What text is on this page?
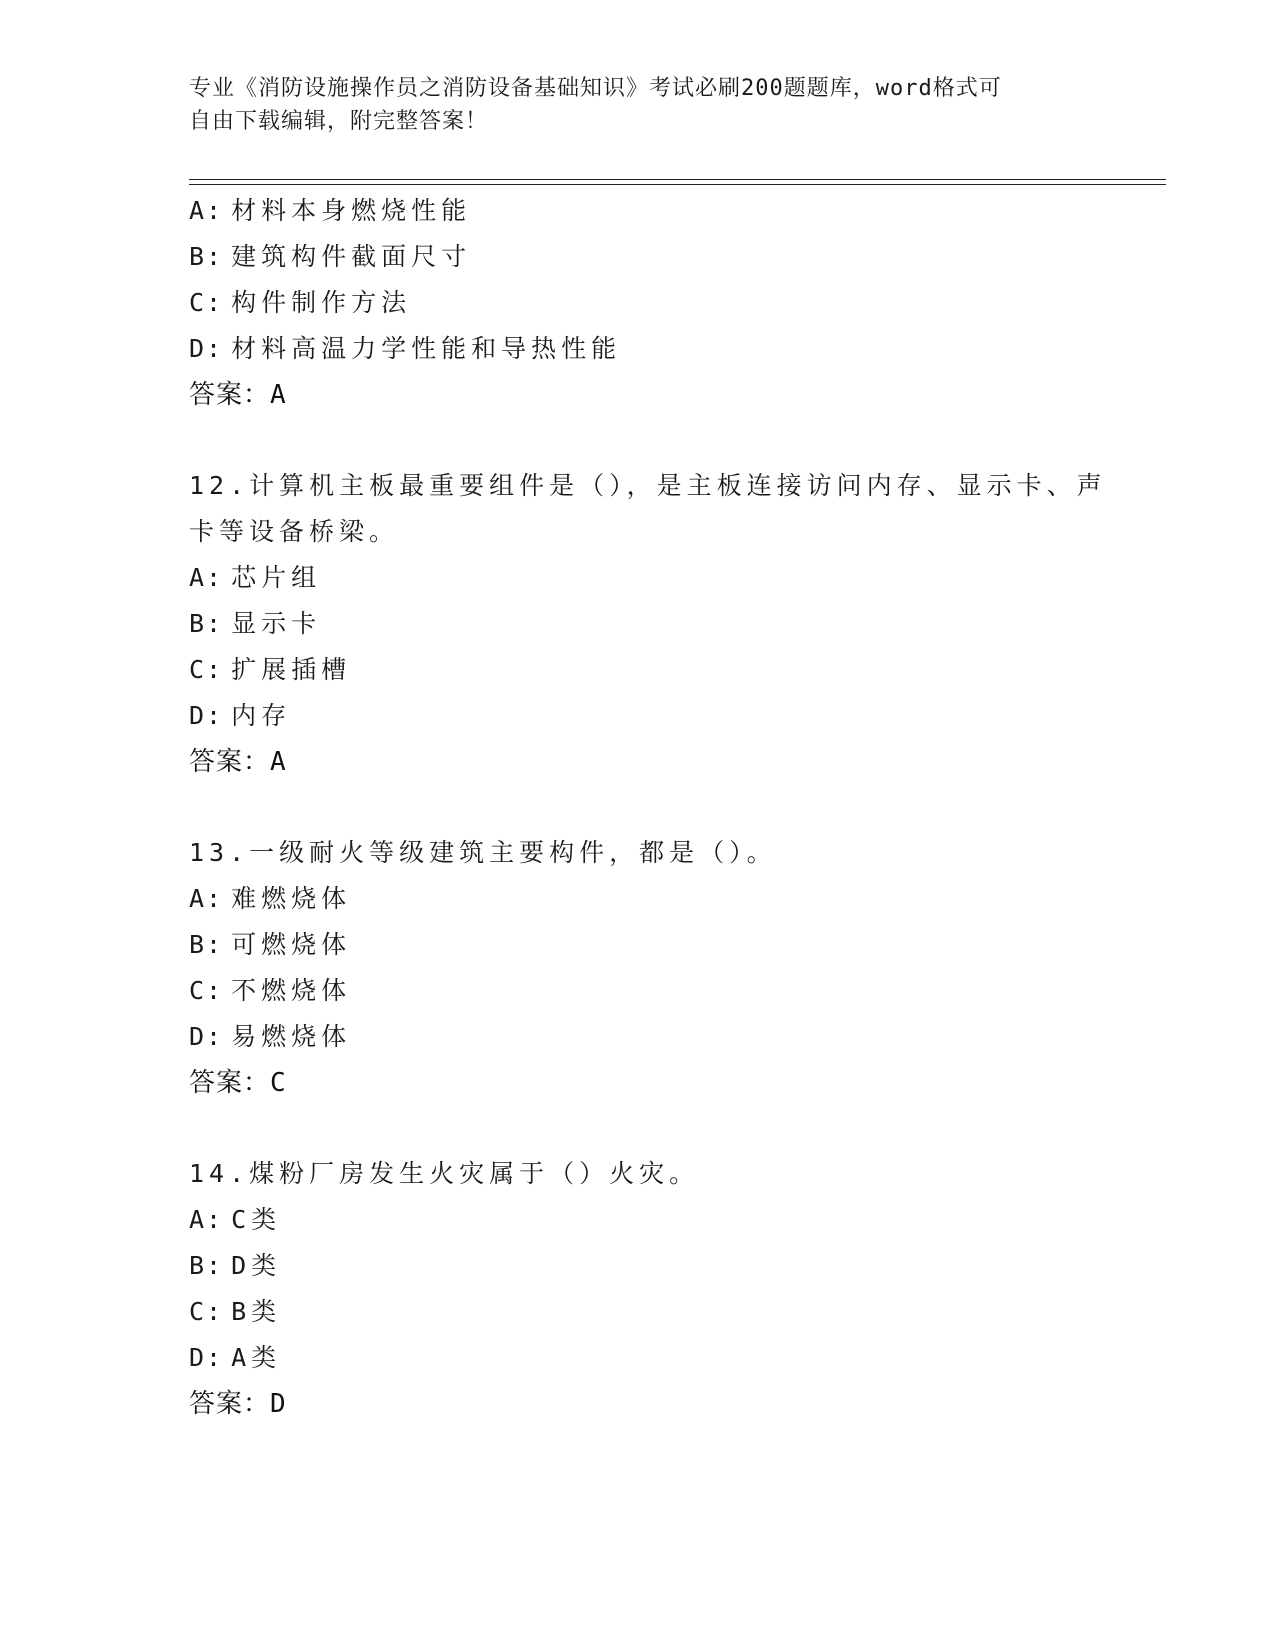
专业《消防设施操作员之消防设备基础知识》考试必刷200题题库，word格式可
自由下载编辑，附完整答案！
A: 材料本身燃烧性能
B: 建筑构件截面尺寸
C: 构件制作方法
D: 材料高温力学性能和导热性能
答案：A
12.计算机主板最重要组件是（），是主板连接访问内存、显示卡、声
卡等设备桥梁。
A: 芯片组
B: 显示卡
C: 扩展插槽
D: 内存
答案：A
13.一级耐火等级建筑主要构件，都是（）。
A: 难燃烧体
B: 可燃烧体
C: 不燃烧体
D: 易燃烧体
答案：C
14.煤粉厂房发生火灾属于（）火灾。
A: C类
B: D类
C: B类
D: A类
答案：D
